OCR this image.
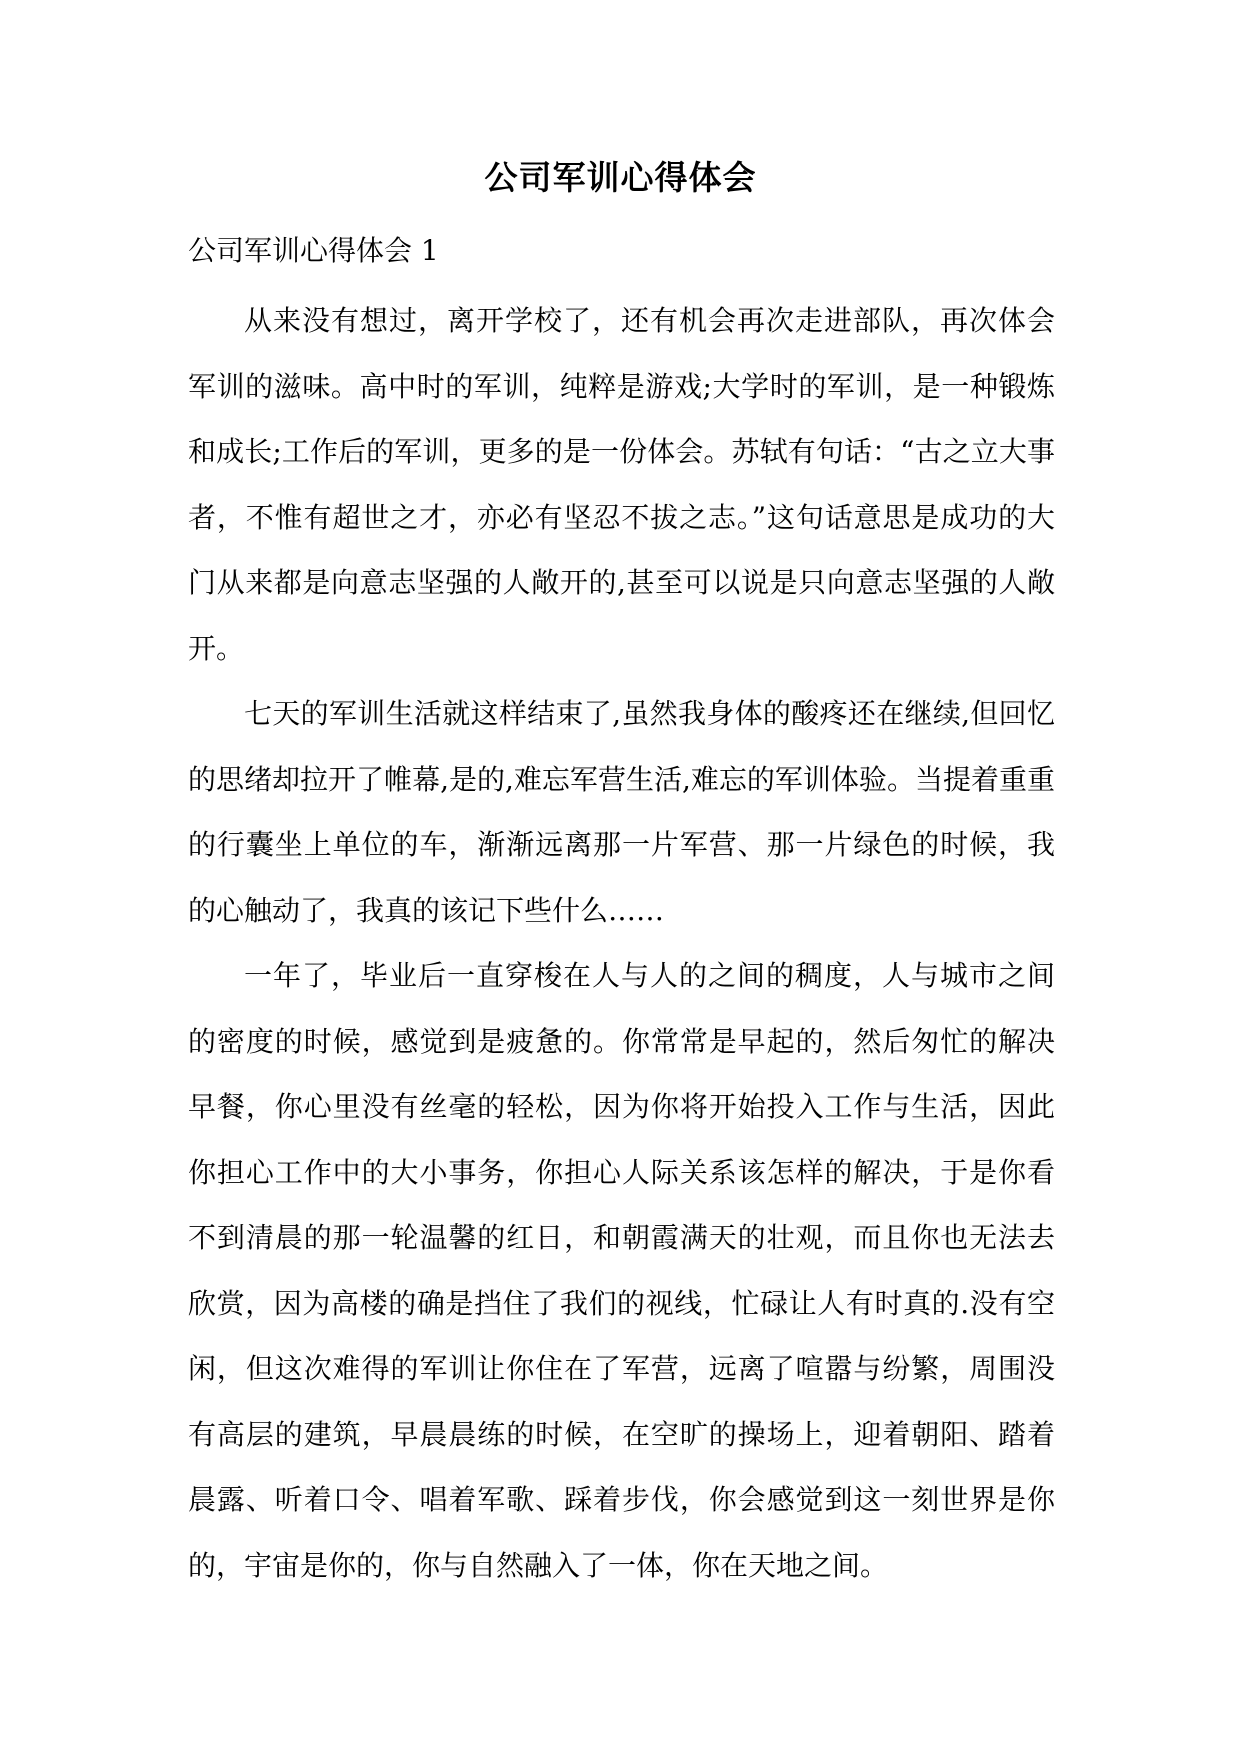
公司军训心得体会
公司军训心得体会 1

从来没有想过，离开学校了，还有机会再次走进部队，再次体会军训的滋味。高中时的军训，纯粹是游戏;大学时的军训，是一种锻炼和成长;工作后的军训，更多的是一份体会。苏轼有句话：“古之立大事者，不惟有超世之才，亦必有坚忍不拔之志。”这句话意思是成功的大门从来都是向意志坚强的人敞开的,甚至可以说是只向意志坚强的人敞开。

七天的军训生活就这样结束了,虽然我身体的酸疼还在继续,但回忆的思绪却拉开了帷幕,是的,难忘军营生活,难忘的军训体验。当提着重重的行囊坐上单位的车，渐渐远离那一片军营、那一片绿色的时候，我的心触动了，我真的该记下些什么……

一年了，毕业后一直穿梭在人与人的之间的稠度，人与城市之间的密度的时候，感觉到是疲惫的。你常常是早起的，然后匆忙的解决早餐，你心里没有丝毫的轻松，因为你将开始投入工作与生活，因此你担心工作中的大小事务，你担心人际关系该怎样的解决，于是你看不到清晨的那一轮温馨的红日，和朝霞满天的壮观，而且你也无法去欣赏，因为高楼的确是挡住了我们的视线，忙碌让人有时真的.没有空闲，但这次难得的军训让你住在了军营，远离了喧嚣与纷繁，周围没有高层的建筑，早晨晨练的时候，在空旷的操场上，迎着朝阳、踏着晨露、听着口令、唱着军歌、踩着步伐，你会感觉到这一刻世界是你的，宇宙是你的，你与自然融入了一体，你在天地之间。
